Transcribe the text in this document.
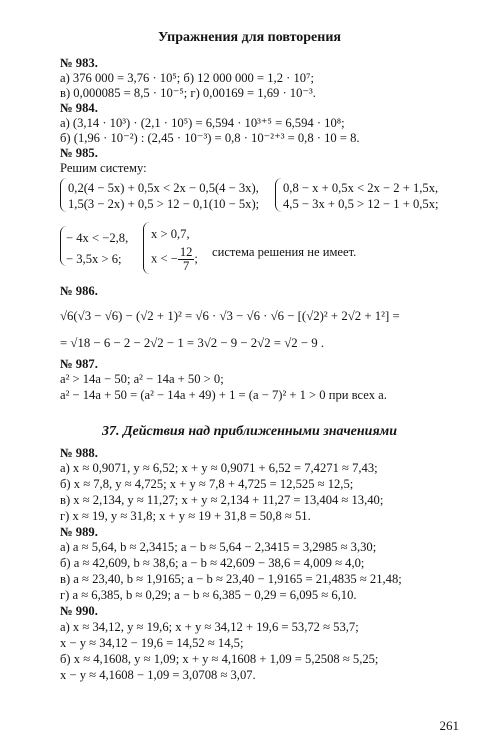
Упражнения для повторения
№ 983.
а) 376 000 = 3,76 · 10⁵; б) 12 000 000 = 1,2 · 10⁷;
в) 0,000085 = 8,5 · 10⁻⁵; г) 0,00169 = 1,69 · 10⁻³.
№ 984.
а) (3,14 · 10³) · (2,1 · 10⁵) = 6,594 · 10³⁺⁵ = 6,594 · 10⁸;
б) (1,96 · 10⁻²) : (2,45 · 10⁻³) = 0,8 · 10⁻²⁺³ = 0,8 · 10 = 8.
№ 985.
Решим систему:
0,2(4 − 5x) + 0,5x < 2x − 0,5(4 − 3x),
1,5(3 − 2x) + 0,5 > 12 − 0,1(10 − 5x);
0,8 − x + 0,5x < 2x − 2 + 1,5x,
4,5 − 3x + 0,5 > 12 − 1 + 0,5x;
− 4x < −2,8,
− 3,5x > 6;
x > 0,7,
x < − $\frac{12}{7}$ ; система решения не имеет.
№ 986.
√6(√3 − √6) − (√2 + 1)² = √6 · √3 − √6 · √6 − [(√2)² + 2√2 + 1²] =
= √18 − 6 − 2 − 2√2 − 1 = 3√2 − 9 − 2√2 = √2 − 9 .
№ 987.
a² > 14a − 50; a² − 14a + 50 > 0;
a² − 14a + 50 = (a² − 14a + 49) + 1 = (a − 7)² + 1 > 0 при всех a.
37. Действия над приближенными значениями
№ 988.
а) x ≈ 0,9071, y ≈ 6,52; x + y ≈ 0,9071 + 6,52 = 7,4271 ≈ 7,43;
б) x ≈ 7,8, y ≈ 4,725; x + y ≈ 7,8 + 4,725 = 12,525 ≈ 12,5;
в) x ≈ 2,134, y ≈ 11,27; x + y ≈ 2,134 + 11,27 = 13,404 ≈ 13,40;
г) x ≈ 19, y ≈ 31,8; x + y ≈ 19 + 31,8 = 50,8 ≈ 51.
№ 989.
а) a ≈ 5,64, b ≈ 2,3415; a − b ≈ 5,64 − 2,3415 = 3,2985 ≈ 3,30;
б) a ≈ 42,609, b ≈ 38,6; a − b ≈ 42,609 − 38,6 = 4,009 ≈ 4,0;
в) a ≈ 23,40, b ≈ 1,9165; a − b ≈ 23,40 − 1,9165 = 21,4835 ≈ 21,48;
г) a ≈ 6,385, b ≈ 0,29; a − b ≈ 6,385 − 0,29 = 6,095 ≈ 6,10.
№ 990.
а) x ≈ 34,12, y ≈ 19,6; x + y ≈ 34,12 + 19,6 = 53,72 ≈ 53,7;
x − y ≈ 34,12 − 19,6 = 14,52 ≈ 14,5;
б) x ≈ 4,1608, y ≈ 1,09; x + y ≈ 4,1608 + 1,09 = 5,2508 ≈ 5,25;
x − y ≈ 4,1608 − 1,09 = 3,0708 ≈ 3,07.
261
